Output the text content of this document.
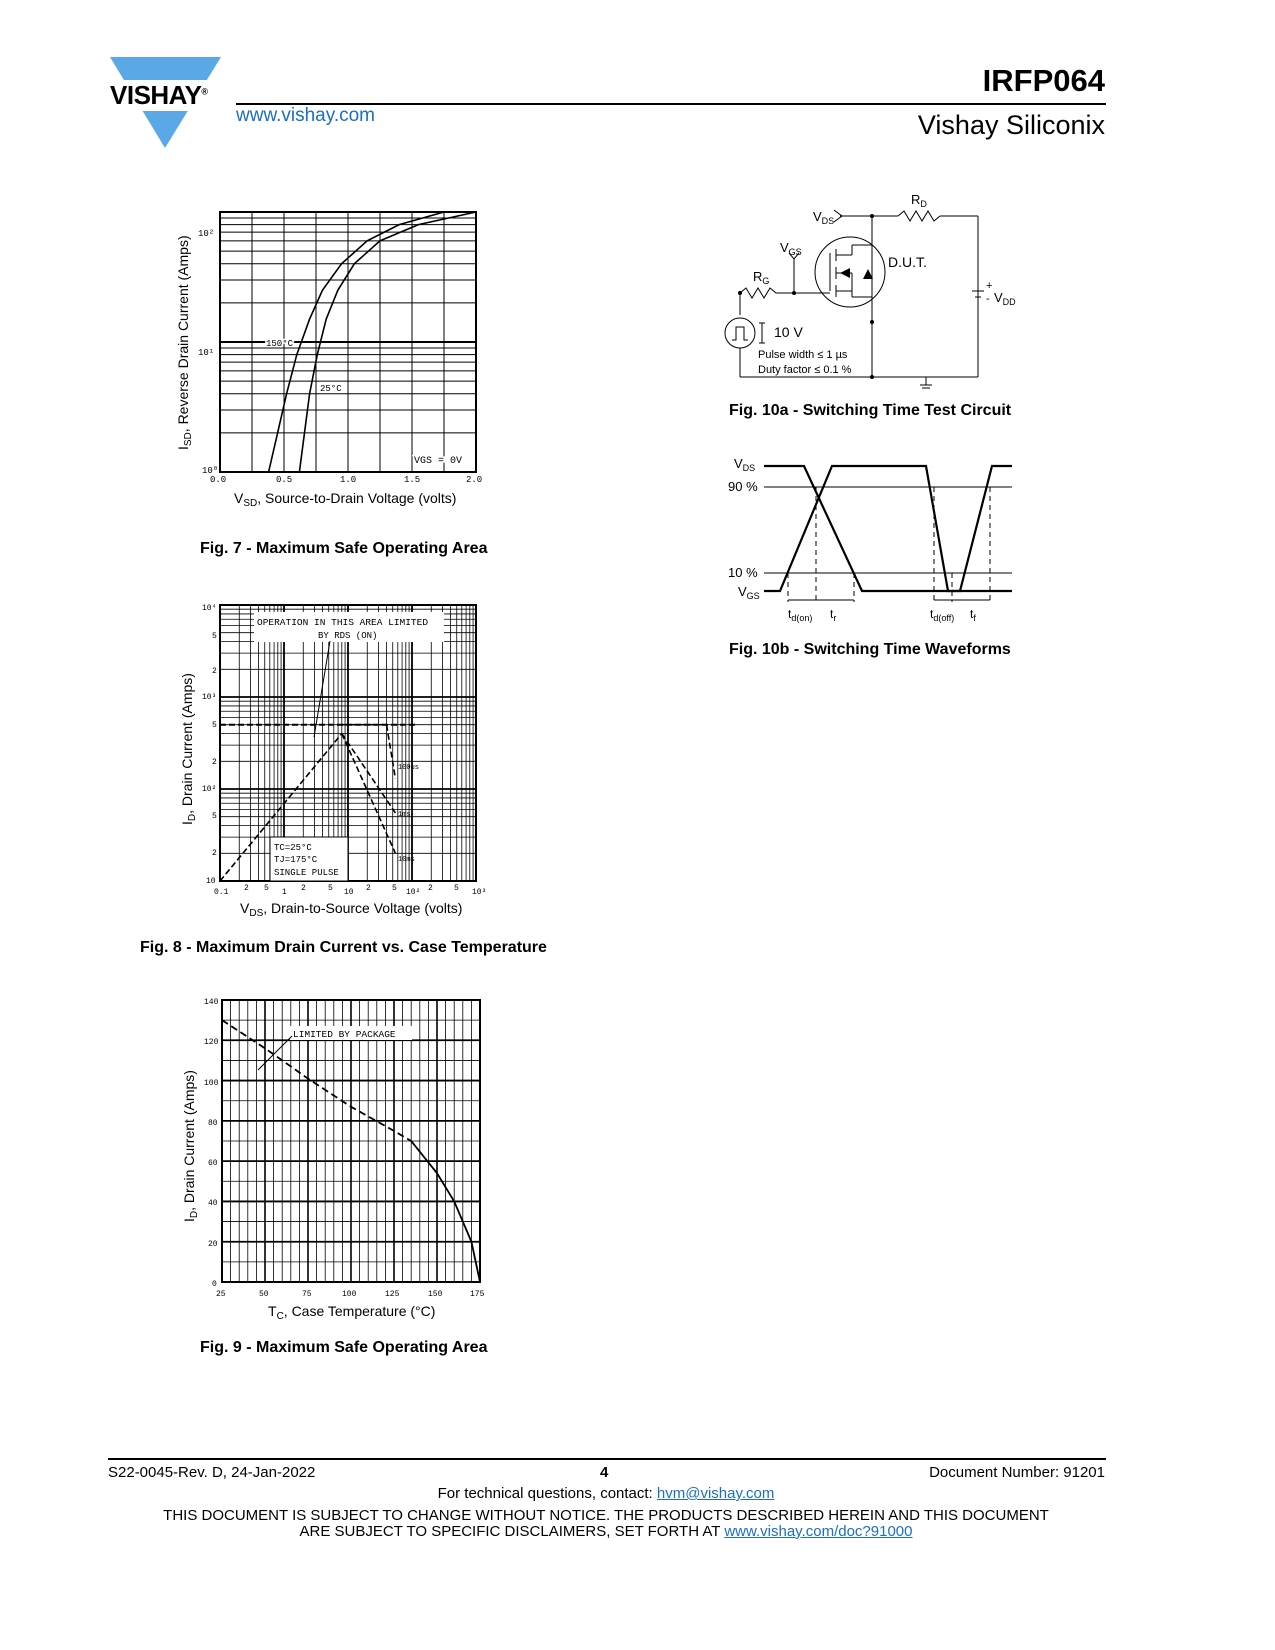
VISHAY®
www.vishay.com
IRFP064
Vishay Siliconix
10²
10¹
10⁰
0.0	0.5	1.0	1.5	2.0
150°C
25°C
VGS = 0V
$I_{SD}$, Reverse Drain Current (Amps)
$V_{SD}$, Source-to-Drain Voltage (volts)
Fig. 7 - Maximum Safe Operating Area
OPERATION IN THIS AREA LIMITED
BY RDS (ON)
100us
1ms
10ms
TC=25°C
TJ=175°C
SINGLE PULSE
10⁴
5
2
10³
5
2
10²
5
2
10
0.1 2 5 1 2	5 10 2	5 10² 2	5 10³
$I_D$, Drain Current (Amps)
$V_{DS}$, Drain-to-Source Voltage (volts)
Fig. 8 - Maximum Drain Current vs. Case Temperature
LIMITED BY PACKAGE
140
120
100
80
60
40
20
0
25	50	75	100	125	150	175
$I_D$, Drain Current (Amps)
$T_C$, Case Temperature (°C)
Fig. 9 - Maximum Safe Operating Area
$V_{DS}$
$R_D$
$V_{GS}$
$R_G$
D.U.T.
+
- $V_{DD}$
10 V
Pulse width ≤ 1 µs
Duty factor ≤ 0.1 %
Fig. 10a - Switching Time Test Circuit
$V_{DS}$
90 %
10 %
$V_{GS}$
$t_{d(on)}$ $t_r$	$t_{d(off)}$ $t_f$
Fig. 10b - Switching Time Waveforms
S22-0045-Rev. D, 24-Jan-2022	4	Document Number: 91201
For technical questions, contact: hvm@vishay.com
THIS DOCUMENT IS SUBJECT TO CHANGE WITHOUT NOTICE. THE PRODUCTS DESCRIBED HEREIN AND THIS DOCUMENT
ARE SUBJECT TO SPECIFIC DISCLAIMERS, SET FORTH AT www.vishay.com/doc?91000
